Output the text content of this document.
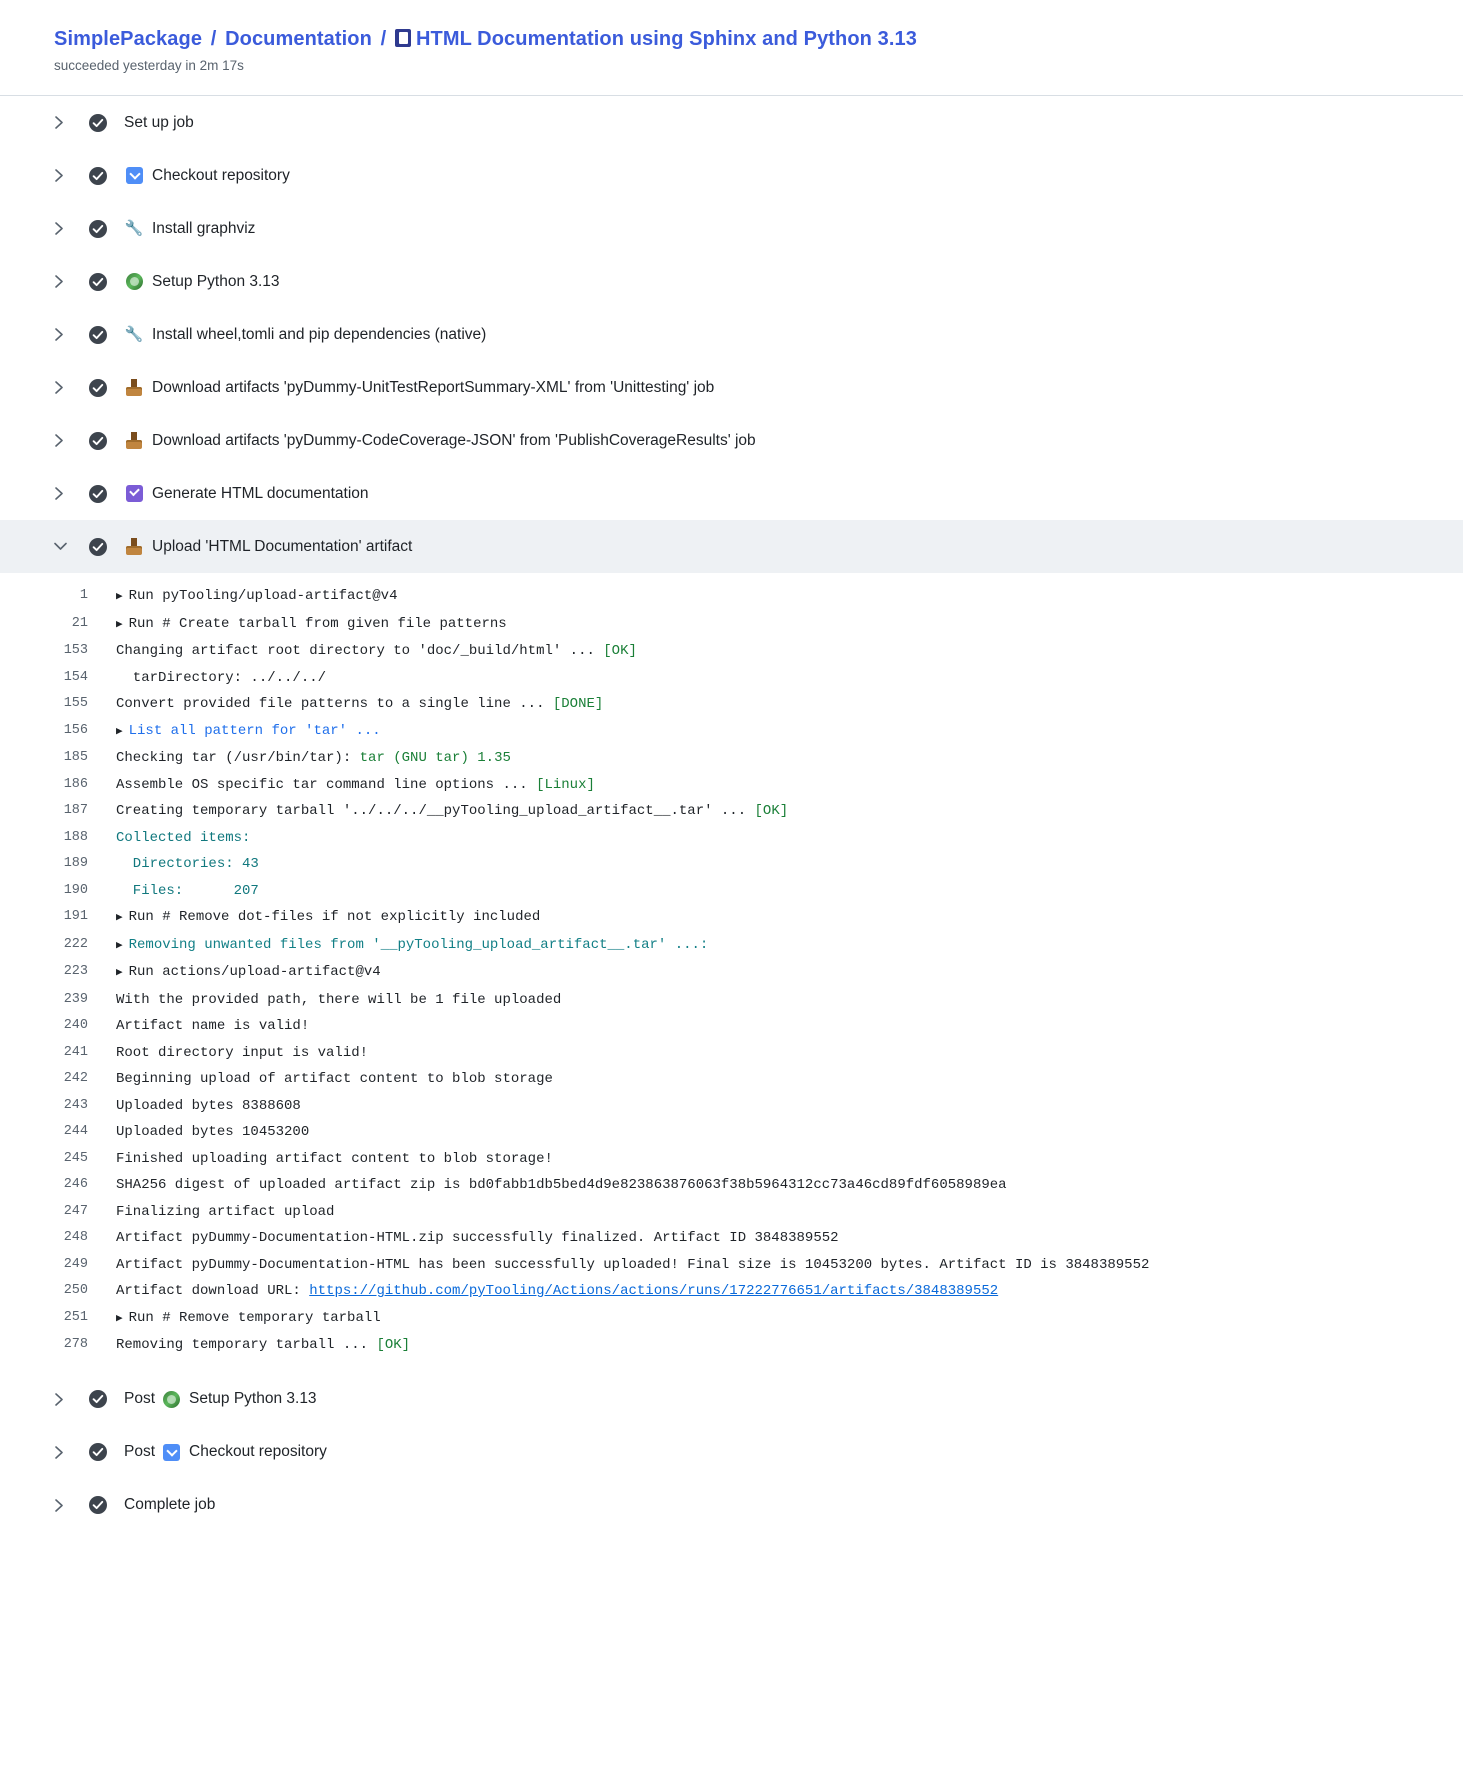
SimplePackage / Documentation / HTML Documentation using Sphinx and Python 3.13
succeeded yesterday in 2m 17s
Set up job
Checkout repository
🔧 Install graphviz
Setup Python 3.13
🔧 Install wheel,tomli and pip dependencies (native)
Download artifacts 'pyDummy-UnitTestReportSummary-XML' from 'Unittesting' job
Download artifacts 'pyDummy-CodeCoverage-JSON' from 'PublishCoverageResults' job
Generate HTML documentation
Upload 'HTML Documentation' artifact
1	▶ Run pyTooling/upload-artifact@v4
21	▶ Run # Create tarball from given file patterns
153	Changing artifact root directory to 'doc/_build/html' ... [OK]
154	tarDirectory: ../../../
155	Convert provided file patterns to a single line ... [DONE]
156	▶ List all pattern for 'tar' ...
185	Checking tar (/usr/bin/tar): tar (GNU tar) 1.35
186	Assemble OS specific tar command line options ... [Linux]
187	Creating temporary tarball '../../../__pyTooling_upload_artifact__.tar' ... [OK]
188	Collected items:
189	Directories: 43
190	Files:      207
191	▶ Run # Remove dot-files if not explicitly included
222	▶ Removing unwanted files from '__pyTooling_upload_artifact__.tar' ...:
223	▶ Run actions/upload-artifact@v4
239	With the provided path, there will be 1 file uploaded
240	Artifact name is valid!
241	Root directory input is valid!
242	Beginning upload of artifact content to blob storage
243	Uploaded bytes 8388608
244	Uploaded bytes 10453200
245	Finished uploading artifact content to blob storage!
246	SHA256 digest of uploaded artifact zip is bd0fabb1db5bed4d9e823863876063f38b5964312cc73a46cd89fdf6058989ea
247	Finalizing artifact upload
248	Artifact pyDummy-Documentation-HTML.zip successfully finalized. Artifact ID 3848389552
249	Artifact pyDummy-Documentation-HTML has been successfully uploaded! Final size is 10453200 bytes. Artifact ID is 3848389552
250	Artifact download URL: https://github.com/pyTooling/Actions/actions/runs/17222776651/artifacts/3848389552
251	▶ Run # Remove temporary tarball
278	Removing temporary tarball ... [OK]
Post Setup Python 3.13
Post Checkout repository
Complete job
